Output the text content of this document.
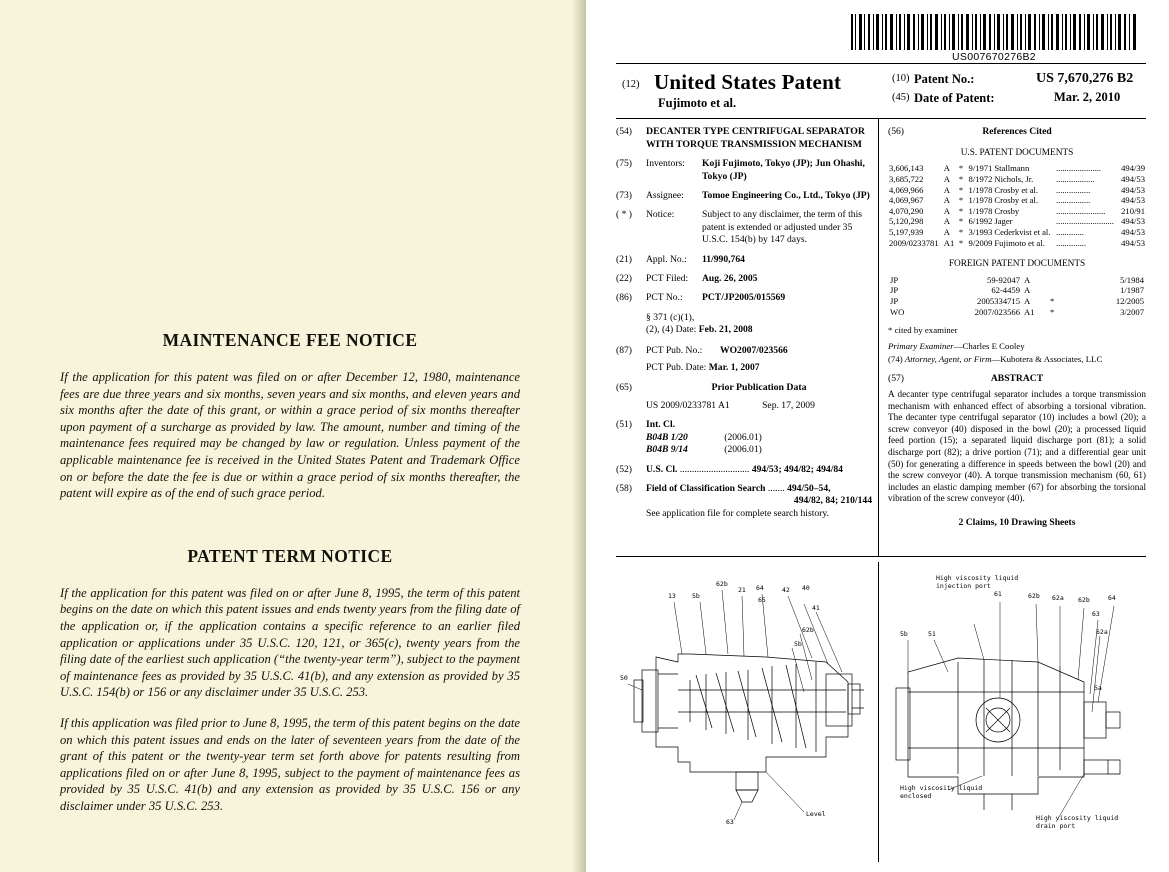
MAINTENANCE FEE NOTICE

If the application for this patent was filed on or after December 12, 1980, maintenance fees are due three years and six months, seven years and six months, and eleven years and six months after the date of this grant, or within a grace period of six months thereafter upon payment of a surcharge as provided by law. The amount, number and timing of the maintenance fees required may be changed by law or regulation. Unless payment of the applicable maintenance fee is received in the United States Patent and Trademark Office on or before the date the fee is due or within a grace period of six months thereafter, the patent will expire as of the end of such grace period.

PATENT TERM NOTICE

If the application for this patent was filed on or after June 8, 1995, the term of this patent begins on the date on which this patent issues and ends twenty years from the filing date of the application or, if the application contains a specific reference to an earlier filed application or applications under 35 U.S.C. 120, 121, or 365(c), twenty years from the filing date of the earliest such application (“the twenty-year term”), subject to the payment of maintenance fees as provided by 35 U.S.C. 41(b), and any extension as provided by 35 U.S.C. 154(b) or 156 or any disclaimer under 35 U.S.C. 253.

If this application was filed prior to June 8, 1995, the term of this patent begins on the date on which this patent issues and ends on the later of seventeen years from the date of the grant of this patent or the twenty-year term set forth above for patents resulting from applications filed on or after June 8, 1995, subject to the payment of maintenance fees as provided by 35 U.S.C. 41(b) and any extension as provided by 35 U.S.C. 156 or any disclaimer under 35 U.S.C. 253.

US007670276B2
(12) United States Patent
Fujimoto et al.
(10) Patent No.:	US 7,670,276 B2
(45) Date of Patent:	Mar. 2, 2010
(54)	DECANTER TYPE CENTRIFUGAL SEPARATOR WITH TORQUE TRANSMISSION MECHANISM
(75)	Inventors:	Koji Fujimoto, Tokyo (JP); Jun Ohashi, Tokyo (JP)
(73)	Assignee:	Tomoe Engineering Co., Ltd., Tokyo (JP)
( * )	Notice:	Subject to any disclaimer, the term of this patent is extended or adjusted under 35 U.S.C. 154(b) by 147 days.
(21)	Appl. No.:	11/990,764
(22)	PCT Filed:	Aug. 26, 2005
(86)	PCT No.:	PCT/JP2005/015569
§ 371 (c)(1),
(2), (4) Date: Feb. 21, 2008
(87)	PCT Pub. No.:	WO2007/023566
PCT Pub. Date: Mar. 1, 2007
(65)	Prior Publication Data
US 2009/0233781 A1	Sep. 17, 2009
(51)	Int. Cl.
B04B 1/20	(2006.01)
B04B 9/14	(2006.01)
(52)	U.S. Cl. ............................. 494/53; 494/82; 494/84
(58)	Field of Classification Search ....... 494/50–54,
494/82, 84; 210/144
See application file for complete search history.
(56)	References Cited
U.S. PATENT DOCUMENTS
3,606,143	A	*	9/1971	Stallmann	.....................	494/39
3,685,722	A	*	8/1972	Nichols, Jr.	..................	494/53
4,069,966	A	*	1/1978	Crosby et al.	................	494/53
4,069,967	A	*	1/1978	Crosby et al.	................	494/53
4,070,290	A	*	1/1978	Crosby	.......................	210/91
5,120,298	A	*	6/1992	Jager	...........................	494/53
5,197,939	A	*	3/1993	Cederkvist et al.	.............	494/53
2009/0233781	A1	*	9/2009	Fujimoto et al.	..............	494/53
FOREIGN PATENT DOCUMENTS
JP	59-92047	A		5/1984
JP	62-4459	A		1/1987
JP	2005334715	A	*	12/2005
WO	2007/023566	A1	*	3/2007
* cited by examiner
Primary Examiner—Charles E Cooley
(74) Attorney, Agent, or Firm—Kubotera & Associates, LLC
(57)	ABSTRACT
A decanter type centrifugal separator includes a torque transmission mechanism with enhanced effect of absorbing a torsional vibration. The decanter type centrifugal separator (10) includes a bowl (20); a screw conveyor (40) disposed in the bowl (20); a processed liquid feed portion (15); a separated liquid discharge port (81); a solid discharge port (82); a drive portion (71); and a differential gear unit (50) for generating a difference in speeds between the bowl (20) and the screw conveyor (40). A torque transmission mechanism (60, 61) includes an elastic damping member (67) for absorbing the torsional vibration of the screw conveyor (40).
2 Claims, 10 Drawing Sheets
50
13 5b
62b
21 64
65
42 40
41
62b
5b
63
Level
61	62b 62a 62b	64
63
62a
5a
5b	51
High viscosity liquid
injection port
High viscosity liquid
enclosed
High viscosity liquid
drain port
